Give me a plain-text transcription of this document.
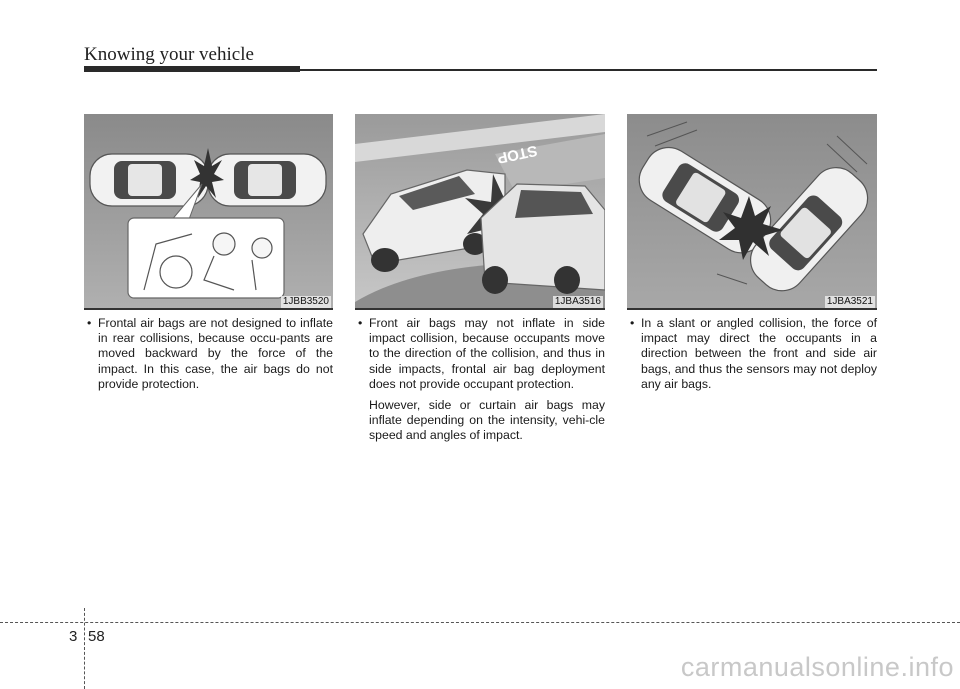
Knowing your vehicle
1JBB3520
STOP
1JBA3516	1JBA3521

• Frontal air bags are not designed to inflate in rear collisions, because occu-pants are moved backward by the force of the impact. In this case, the air bags do not provide protection.

• Front air bags may not inflate in side impact collision, because occupants move to the direction of the collision, and thus in side impacts, frontal air bag deployment does not provide occupant protection.

However, side or curtain air bags may inflate depending on the intensity, vehi-cle speed and angles of impact.

• In a slant or angled collision, the force of impact may direct the occupants in a direction between the front and side air bags, and thus the sensors may not deploy any air bags.

3 58
carmanualsonline.info
